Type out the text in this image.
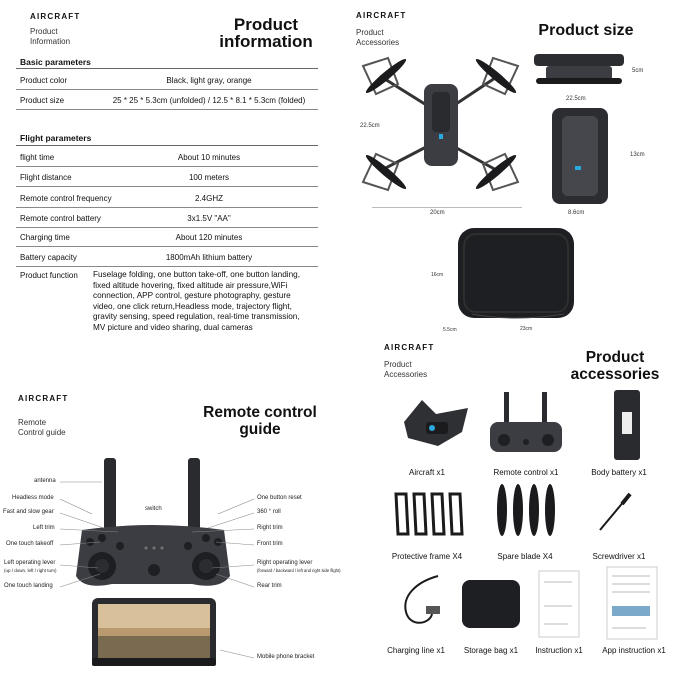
AIRCRAFT
Product
Information
Product
information
Basic parameters
Product color	Black, light gray, orange
Product size	25 * 25 * 5.3cm (unfolded) / 12.5 * 8.1 * 5.3cm (folded)
Flight parameters
flight time	About 10 minutes
Flight distance	100 meters
Remote control frequency	2.4GHZ
Remote control battery	3x1.5V "AA"
Charging time	About 120 minutes
Battery capacity	1800mAh lithium battery
Product function Fuselage folding, one button take-off, one button landing,
fixed altitude hovering, fixed altitude air pressure,WiFi
connection, APP control, gesture photography, gesture
video, one click return,Headless mode, trajectory flight,
gravity sensing, speed regulation, real-time transmission,
MV picture and video sharing, dual cameras
AIRCRAFT
Product
Accessories
Product size
22.5cm
20cm
5cm
22.5cm
13cm
8.6cm
16cm
5.5cm	23cm
AIRCRAFT
Remote
Control guide
Remote control
guide
antenna
Headless mode
Fast and slow gear
Left trim
One touch takeoff
Left operating lever
(up / down, left / right turn)
One touch landing
switch
One button reset
360 ° roll
Right trim
Front trim
Right operating lever
(forward / backward / left and right side flight)
Rear trim
Mobile phone bracket
AIRCRAFT
Product
Accessories
Product
accessories
Aircraft x1	Remote control x1	Body battery x1
Protective frame X4	Spare blade X4	Screwdriver x1
Charging line x1	Storage bag x1	Instruction x1	App instruction x1
